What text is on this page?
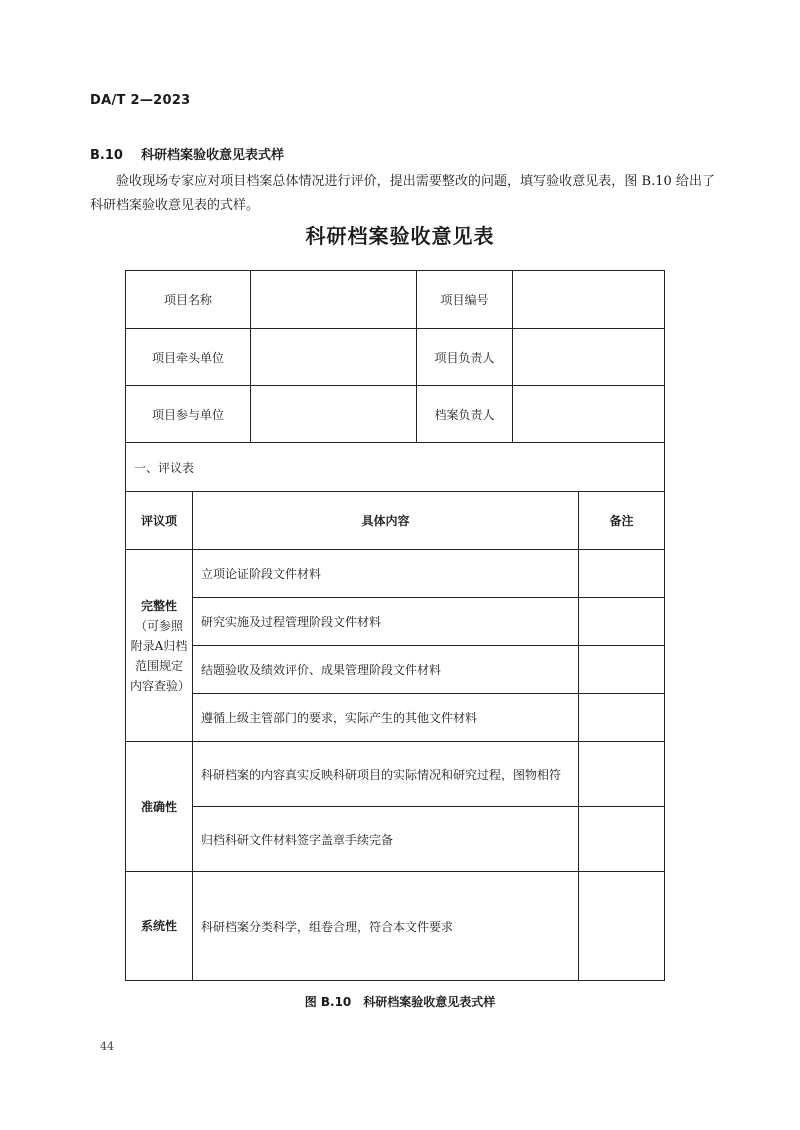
DA/T 2—2023
B.10 科研档案验收意见表式样

验收现场专家应对项目档案总体情况进行评价，提出需要整改的问题，填写验收意见表，图 B.10 给出了科研档案验收意见表的式样。

科研档案验收意见表
项目名称			项目编号		
项目牵头单位			项目负责人		
项目参与单位			档案负责人		
一、评议表					
评议项	具体内容				备注

完整性
（可参照附录A归档范围规定内容查验）	立项论证阶段文件材料				
	研究实施及过程管理阶段文件材料				
	结题验收及绩效评价、成果管理阶段文件材料				
	遵循上级主管部门的要求，实际产生的其他文件材料				

准确性	科研档案的内容真实反映科研项目的实际情况和研究过程，图物相符				
	归档科研文件材料签字盖章手续完备				

系统性	科研档案分类科学，组卷合理，符合本文件要求				
图 B.10 科研档案验收意见表式样
44
